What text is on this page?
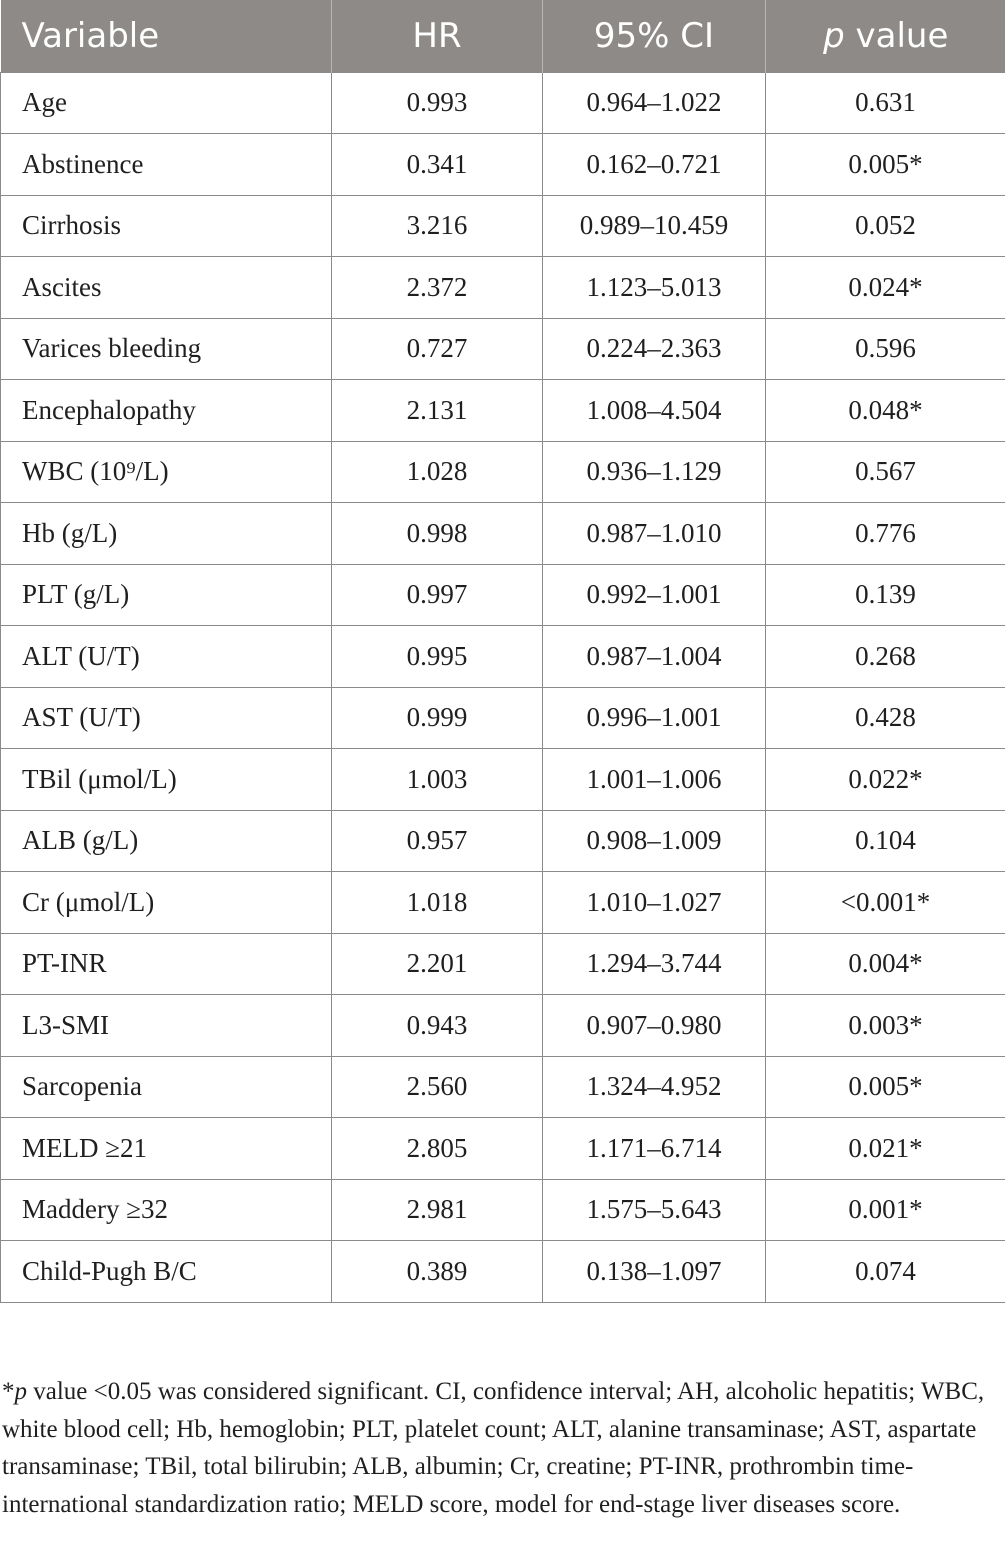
Variable	HR	95% CI	p value
Age	0.993	0.964–1.022	0.631
Abstinence	0.341	0.162–0.721	0.005*
Cirrhosis	3.216	0.989–10.459	0.052
Ascites	2.372	1.123–5.013	0.024*
Varices bleeding	0.727	0.224–2.363	0.596
Encephalopathy	2.131	1.008–4.504	0.048*
WBC (10⁹/L)	1.028	0.936–1.129	0.567
Hb (g/L)	0.998	0.987–1.010	0.776
PLT (g/L)	0.997	0.992–1.001	0.139
ALT (U/T)	0.995	0.987–1.004	0.268
AST (U/T)	0.999	0.996–1.001	0.428
TBil (μmol/L)	1.003	1.001–1.006	0.022*
ALB (g/L)	0.957	0.908–1.009	0.104
Cr (μmol/L)	1.018	1.010–1.027	<0.001*
PT-INR	2.201	1.294–3.744	0.004*
L3-SMI	0.943	0.907–0.980	0.003*
Sarcopenia	2.560	1.324–4.952	0.005*
MELD ≥21	2.805	1.171–6.714	0.021*
Maddery ≥32	2.981	1.575–5.643	0.001*
Child-Pugh B/C	0.389	0.138–1.097	0.074
*p value <0.05 was considered significant. CI, confidence interval; AH, alcoholic hepatitis; WBC, white blood cell; Hb, hemoglobin; PLT, platelet count; ALT, alanine transaminase; AST, aspartate transaminase; TBil, total bilirubin; ALB, albumin; Cr, creatine; PT-INR, prothrombin time-international standardization ratio; MELD score, model for end-stage liver diseases score.
